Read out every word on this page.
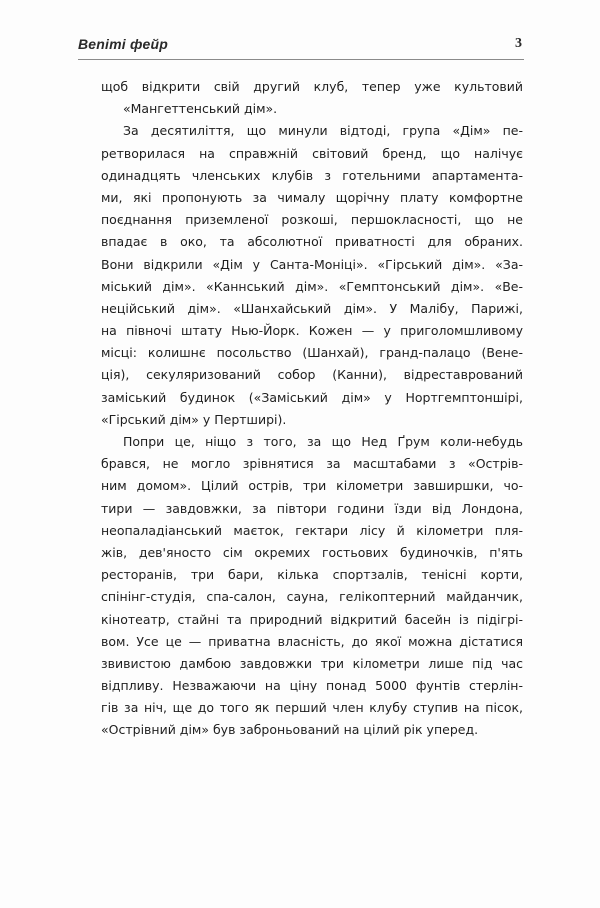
Вenіті фейр	3
щоб відкрити свій другий клуб, тепер уже культовий
«Мангеттенський дім».
За десятиліття, що минули відтоді, група «Дім» пе-
ретворилася на справжній світовий бренд, що налічує
одинадцять членських клубів з готельними апартамента-
ми, які пропонують за чималу щорічну плату комфортне
поєднання приземленої розкоші, першокласності, що не
впадає в око, та абсолютної приватності для обраних.
Вони відкрили «Дім у Санта-Моніці». «Гірський дім». «За-
міський дім». «Каннський дім». «Гемптонський дім». «Ве-
неційський дім». «Шанхайський дім». У Малібу, Парижі,
на півночі штату Нью-Йорк. Кожен — у приголомшливому
місці: колишнє посольство (Шанхай), гранд-палацо (Вене-
ція), секуляризований собор (Канни), відреставрований
заміський будинок («Заміський дім» у Нортгемптоншірі,
«Гірський дім» у Пертширі).
Попри це, ніщо з того, за що Нед Ґрум коли-небудь
брався, не могло зрівнятися за масштабами з «Острів-
ним домом». Цілий острів, три кілометри завширшки, чо-
тири — завдовжки, за півтори години їзди від Лондона,
неопаладіанський маєток, гектари лісу й кілометри пля-
жів, дев'яносто сім окремих гостьових будиночків, п'ять
ресторанів, три бари, кілька спортзалів, тенісні корти,
спінінг-студія, спа-салон, сауна, гелікоптерний майданчик,
кінотеатр, стайні та природний відкритий басейн із підігрі-
вом. Усе це — приватна власність, до якої можна дістатися
звивистою дамбою завдовжки три кілометри лише під час
відпливу. Незважаючи на ціну понад 5000 фунтів стерлін-
гів за ніч, ще до того як перший член клубу ступив на пісок,
«Острівний дім» був заброньований на цілий рік уперед.
